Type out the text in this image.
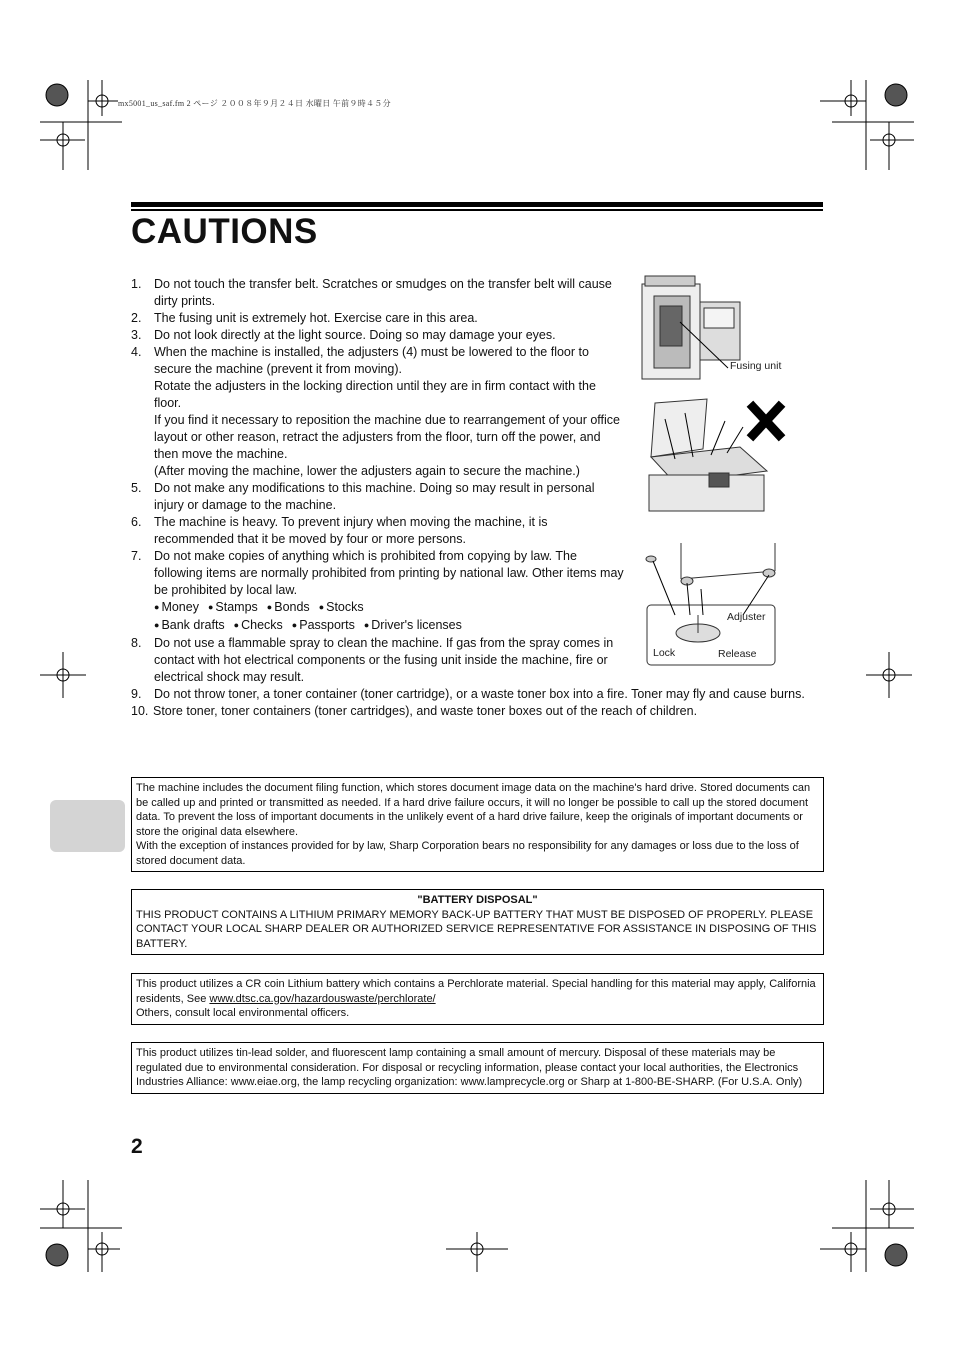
mx5001_us_saf.fm 2 ページ ２００８年９月２４日 水曜日 午前９時４５分
CAUTIONS
1. Do not touch the transfer belt. Scratches or smudges on the transfer belt will cause dirty prints.
2. The fusing unit is extremely hot. Exercise care in this area.
3. Do not look directly at the light source. Doing so may damage your eyes.
4. When the machine is installed, the adjusters (4) must be lowered to the floor to secure the machine (prevent it from moving).
Rotate the adjusters in the locking direction until they are in firm contact with the floor.
If you find it necessary to reposition the machine due to rearrangement of your office layout or other reason, retract the adjusters from the floor, turn off the power, and then move the machine.
(After moving the machine, lower the adjusters again to secure the machine.)
5. Do not make any modifications to this machine. Doing so may result in personal injury or damage to the machine.
6. The machine is heavy. To prevent injury when moving the machine, it is recommended that it be moved by four or more persons.
7. Do not make copies of anything which is prohibited from copying by law. The following items are normally prohibited from printing by national law. Other items may be prohibited by local law.
● Money ● Stamps ● Bonds ● Stocks
● Bank drafts ● Checks ● Passports ● Driver's licenses
8. Do not use a flammable spray to clean the machine. If gas from the spray comes in contact with hot electrical components or the fusing unit inside the machine, fire or electrical shock may result.
9. Do not throw toner, a toner container (toner cartridge), or a waste toner box into a fire. Toner may fly and cause burns.
10. Store toner, toner containers (toner cartridges), and waste toner boxes out of the reach of children.
Fusing unit
Adjuster
Lock	Release
The machine includes the document filing function, which stores document image data on the machine's hard drive. Stored documents can be called up and printed or transmitted as needed. If a hard drive failure occurs, it will no longer be possible to call up the stored document data. To prevent the loss of important documents in the unlikely event of a hard drive failure, keep the originals of important documents or store the original data elsewhere.
With the exception of instances provided for by law, Sharp Corporation bears no responsibility for any damages or loss due to the loss of stored document data.
"BATTERY DISPOSAL"
THIS PRODUCT CONTAINS A LITHIUM PRIMARY MEMORY BACK-UP BATTERY THAT MUST BE DISPOSED OF PROPERLY. PLEASE CONTACT YOUR LOCAL SHARP DEALER OR AUTHORIZED SERVICE REPRESENTATIVE FOR ASSISTANCE IN DISPOSING OF THIS BATTERY.
This product utilizes a CR coin Lithium battery which contains a Perchlorate material. Special handling for this material may apply, California residents, See www.dtsc.ca.gov/hazardouswaste/perchlorate/
Others, consult local environmental officers.
This product utilizes tin-lead solder, and fluorescent lamp containing a small amount of mercury. Disposal of these materials may be regulated due to environmental consideration. For disposal or recycling information, please contact your local authorities, the Electronics Industries Alliance: www.eiae.org, the lamp recycling organization: www.lamprecycle.org or Sharp at 1-800-BE-SHARP. (For U.S.A. Only)
2
